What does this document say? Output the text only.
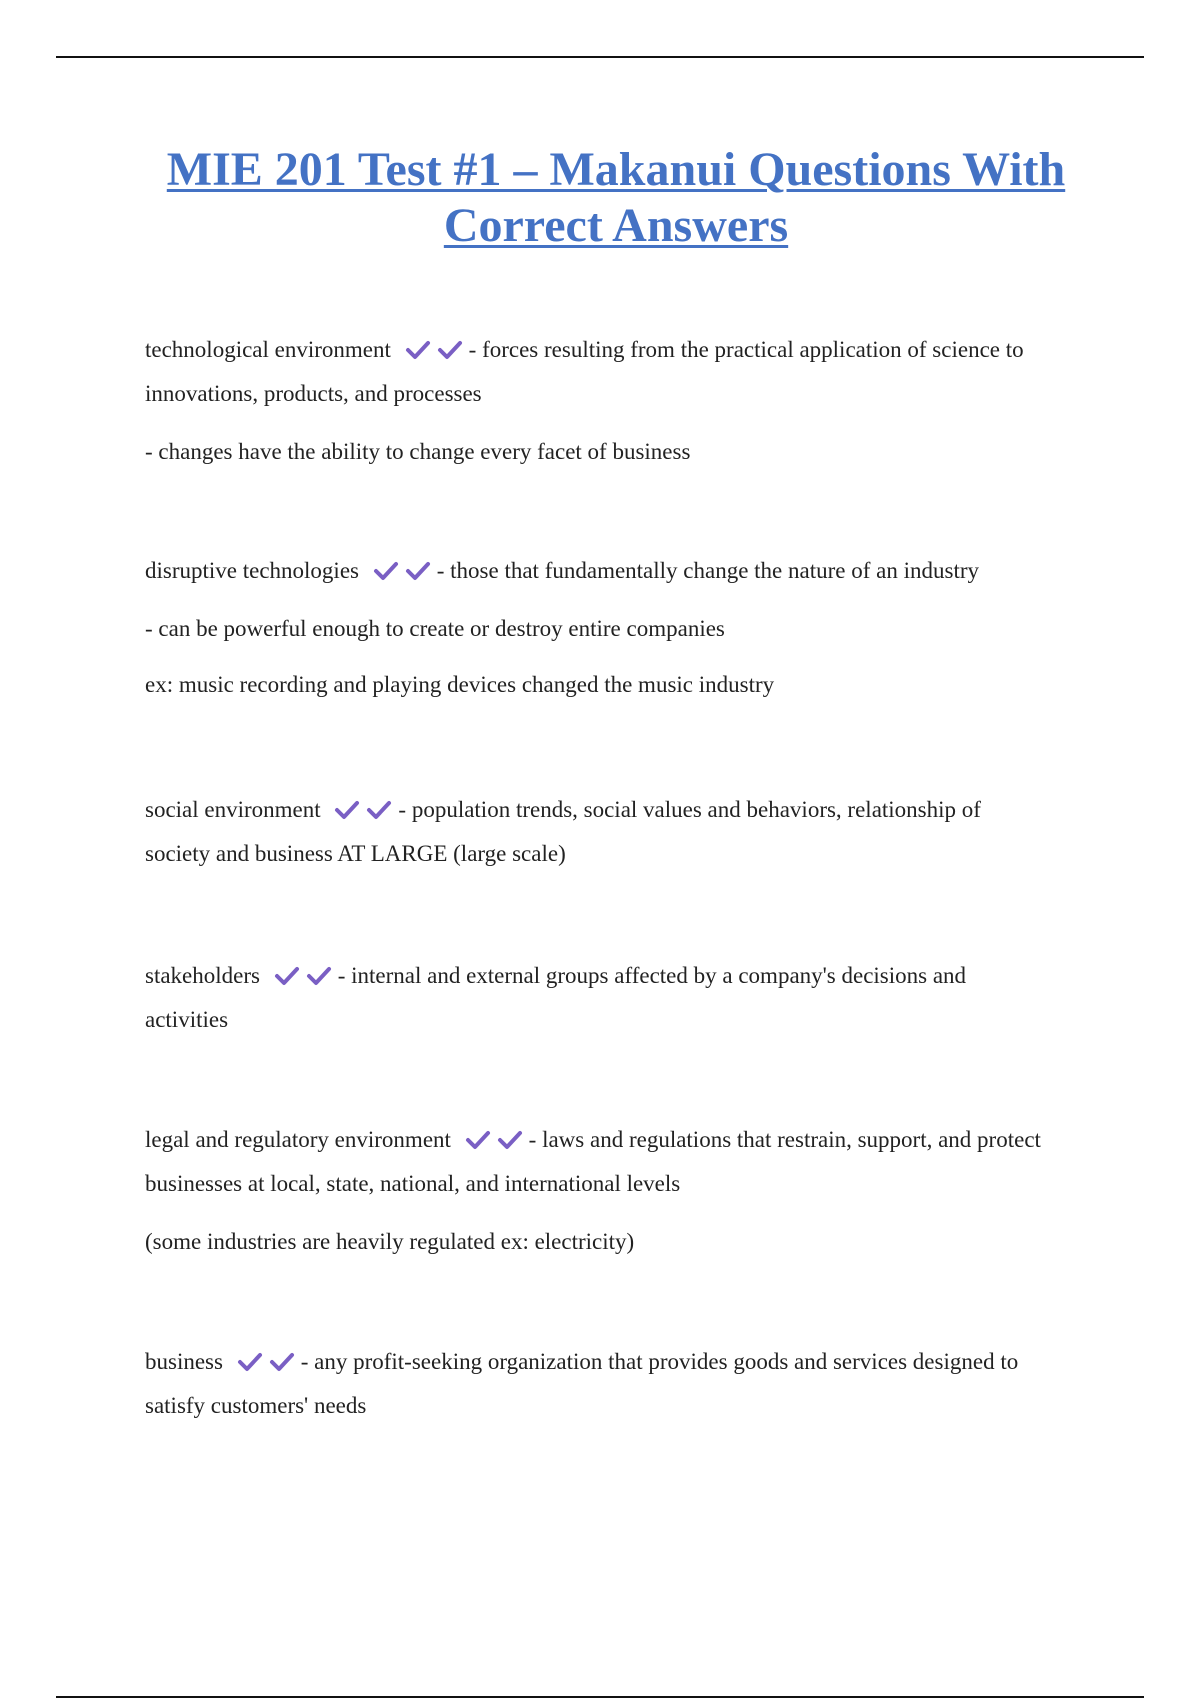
MIE 201 Test #1 – Makanui Questions With Correct Answers

technological environment	- forces resulting from the practical application of science to

innovations, products, and processes

- changes have the ability to change every facet of business

disruptive technologies	- those that fundamentally change the nature of an industry

- can be powerful enough to create or destroy entire companies

ex: music recording and playing devices changed the music industry

social environment	- population trends, social values and behaviors, relationship of

society and business AT LARGE (large scale)

stakeholders	- internal and external groups affected by a company's decisions and

activities

legal and regulatory environment	- laws and regulations that restrain, support, and protect

businesses at local, state, national, and international levels

(some industries are heavily regulated ex: electricity)

business	- any profit-seeking organization that provides goods and services designed to

satisfy customers' needs
